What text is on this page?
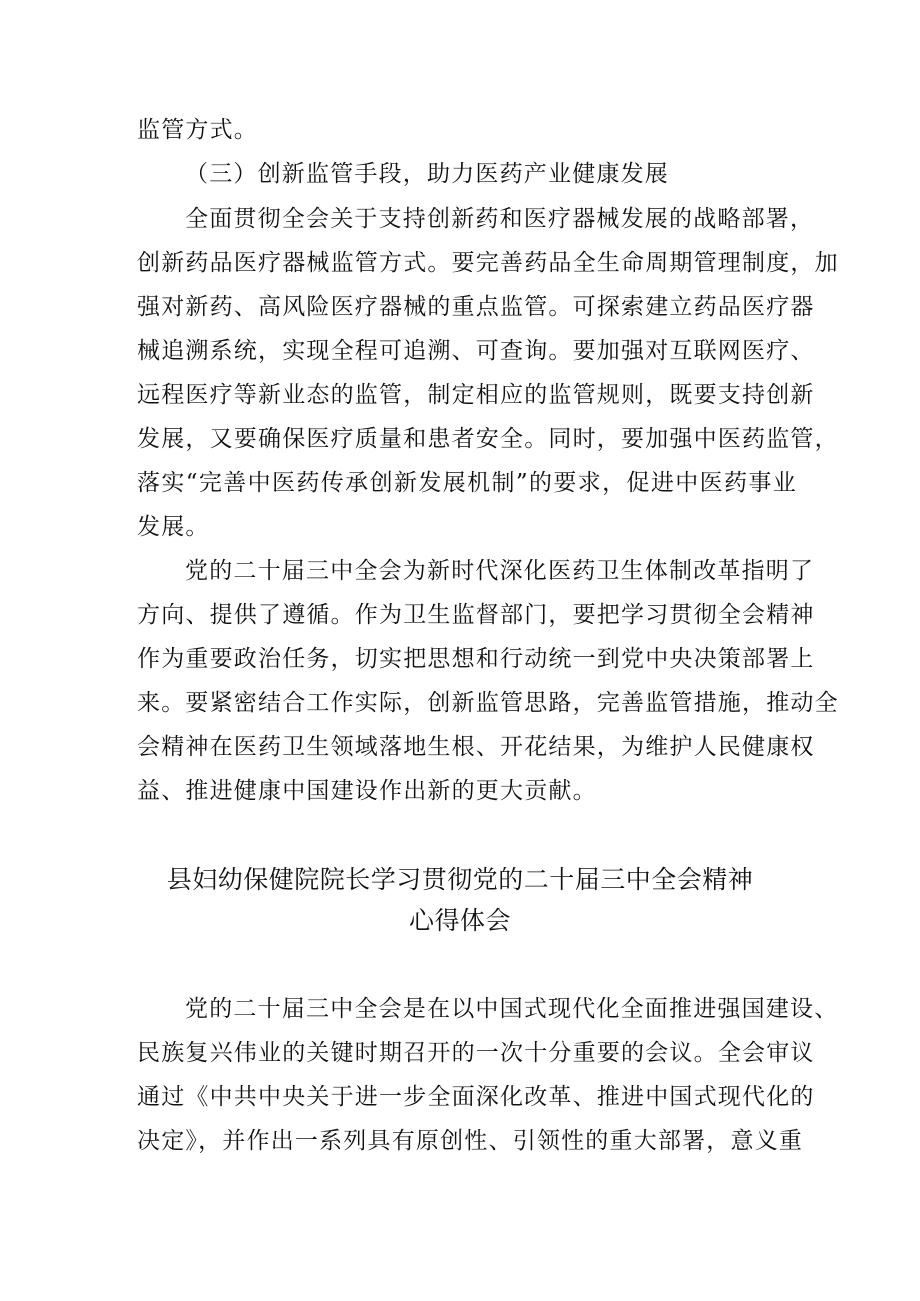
监管方式。
（三）创新监管手段，助力医药产业健康发展
全面贯彻全会关于支持创新药和医疗器械发展的战略部署，
创新药品医疗器械监管方式。要完善药品全生命周期管理制度，加
强对新药、高风险医疗器械的重点监管。可探索建立药品医疗器
械追溯系统，实现全程可追溯、可查询。要加强对互联网医疗、
远程医疗等新业态的监管，制定相应的监管规则，既要支持创新
发展，又要确保医疗质量和患者安全。同时，要加强中医药监管，
落实“完善中医药传承创新发展机制”的要求，促进中医药事业
发展。
党的二十届三中全会为新时代深化医药卫生体制改革指明了
方向、提供了遵循。作为卫生监督部门，要把学习贯彻全会精神
作为重要政治任务，切实把思想和行动统一到党中央决策部署上
来。要紧密结合工作实际，创新监管思路，完善监管措施，推动全
会精神在医药卫生领域落地生根、开花结果，为维护人民健康权
益、推进健康中国建设作出新的更大贡献。
县妇幼保健院院长学习贯彻党的二十届三中全会精神
心得体会
党的二十届三中全会是在以中国式现代化全面推进强国建设、
民族复兴伟业的关键时期召开的一次十分重要的会议。全会审议
通过《中共中央关于进一步全面深化改革、推进中国式现代化的
决定》，并作出一系列具有原创性、引领性的重大部署，意义重
